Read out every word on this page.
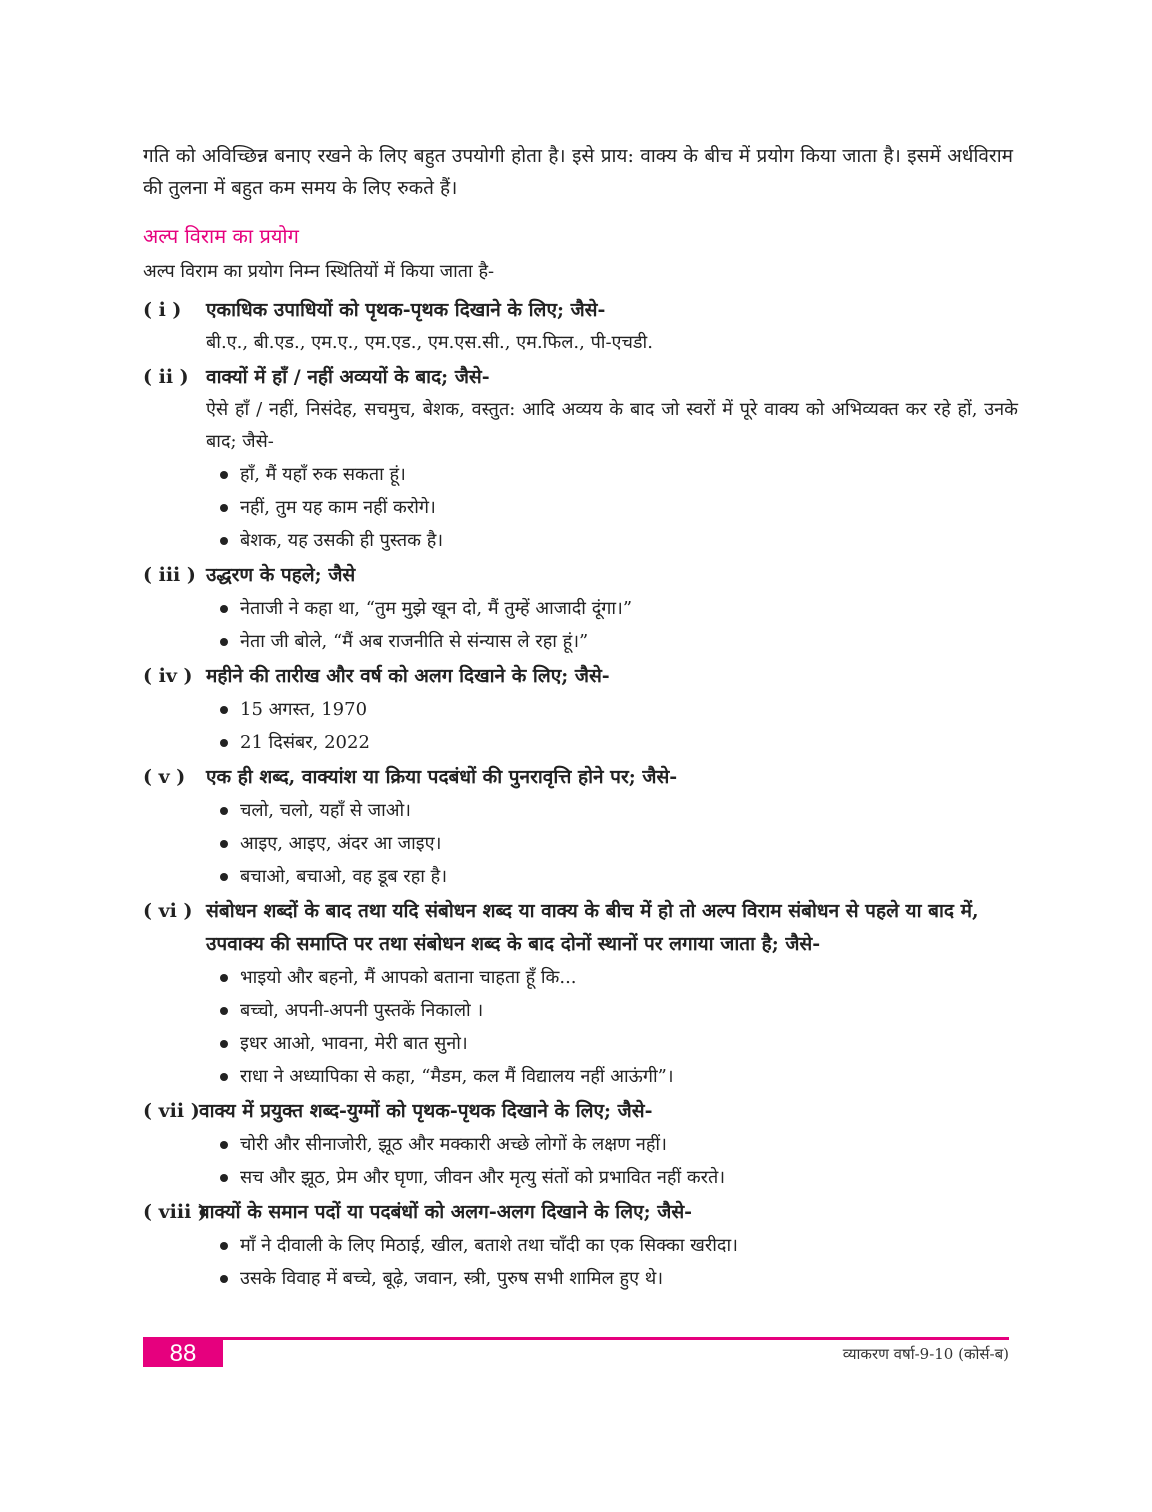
गति को अविच्छिन्न बनाए रखने के लिए बहुत उपयोगी होता है। इसे प्राय: वाक्य के बीच में प्रयोग किया जाता है। इसमें अर्धविराम की तुलना में बहुत कम समय के लिए रुकते हैं।

अल्प विराम का प्रयोग

अल्प विराम का प्रयोग निम्न स्थितियों में किया जाता है-

( i )	एकाधिक उपाधियों को पृथक-पृथक दिखाने के लिए; जैसे-
बी.ए., बी.एड., एम.ए., एम.एड., एम.एस.सी., एम.फिल., पी-एचडी.
( ii ) वाक्यों में हाँ / नहीं अव्ययों के बाद; जैसे-
ऐसे हाँ / नहीं, निसंदेह, सचमुच, बेशक, वस्तुत: आदि अव्यय के बाद जो स्वरों में पूरे वाक्य को अभिव्यक्त कर रहे हों, उनके बाद; जैसे-
हाँ, मैं यहाँ रुक सकता हूं।
नहीं, तुम यह काम नहीं करोगे।
बेशक, यह उसकी ही पुस्तक है।
( iii ) उद्धरण के पहले; जैसे
नेताजी ने कहा था, “तुम मुझे खून दो, मैं तुम्हें आजादी दूंगा।”
नेता जी बोले, “मैं अब राजनीति से संन्यास ले रहा हूं।”
( iv ) महीने की तारीख और वर्ष को अलग दिखाने के लिए; जैसे-
15 अगस्त, 1970
21 दिसंबर, 2022
( v )	एक ही शब्द, वाक्यांश या क्रिया पदबंधों की पुनरावृत्ति होने पर; जैसे-
चलो, चलो, यहाँ से जाओ।
आइए, आइए, अंदर आ जाइए।
बचाओ, बचाओ, वह डूब रहा है।
( vi ) संबोधन शब्दों के बाद तथा यदि संबोधन शब्द या वाक्य के बीच में हो तो अल्प विराम संबोधन से पहले या बाद में, उपवाक्य की समाप्ति पर तथा संबोधन शब्द के बाद दोनों स्थानों पर लगाया जाता है; जैसे-
भाइयो और बहनो, मैं आपको बताना चाहता हूँ कि...
बच्चो, अपनी-अपनी पुस्तकें निकालो ।
इधर आओ, भावना, मेरी बात सुनो।
राधा ने अध्यापिका से कहा, “मैडम, कल मैं विद्यालय नहीं आऊंगी”।
( vii ) वाक्य में प्रयुक्त शब्द-युग्मों को पृथक-पृथक दिखाने के लिए; जैसे-
चोरी और सीनाजोरी, झूठ और मक्कारी अच्छे लोगों के लक्षण नहीं।
सच और झूठ, प्रेम और घृणा, जीवन और मृत्यु संतों को प्रभावित नहीं करते।
( viii )
वाक्यों के समान पदों या पदबंधों को अलग-अलग दिखाने के लिए; जैसे-
माँ ने दीवाली के लिए मिठाई, खील, बताशे तथा चाँदी का एक सिक्का खरीदा।
उसके विवाह में बच्चे, बूढ़े, जवान, स्त्री, पुरुष सभी शामिल हुए थे।
88	व्याकरण वर्षा-9-10 (कोर्स-ब)
